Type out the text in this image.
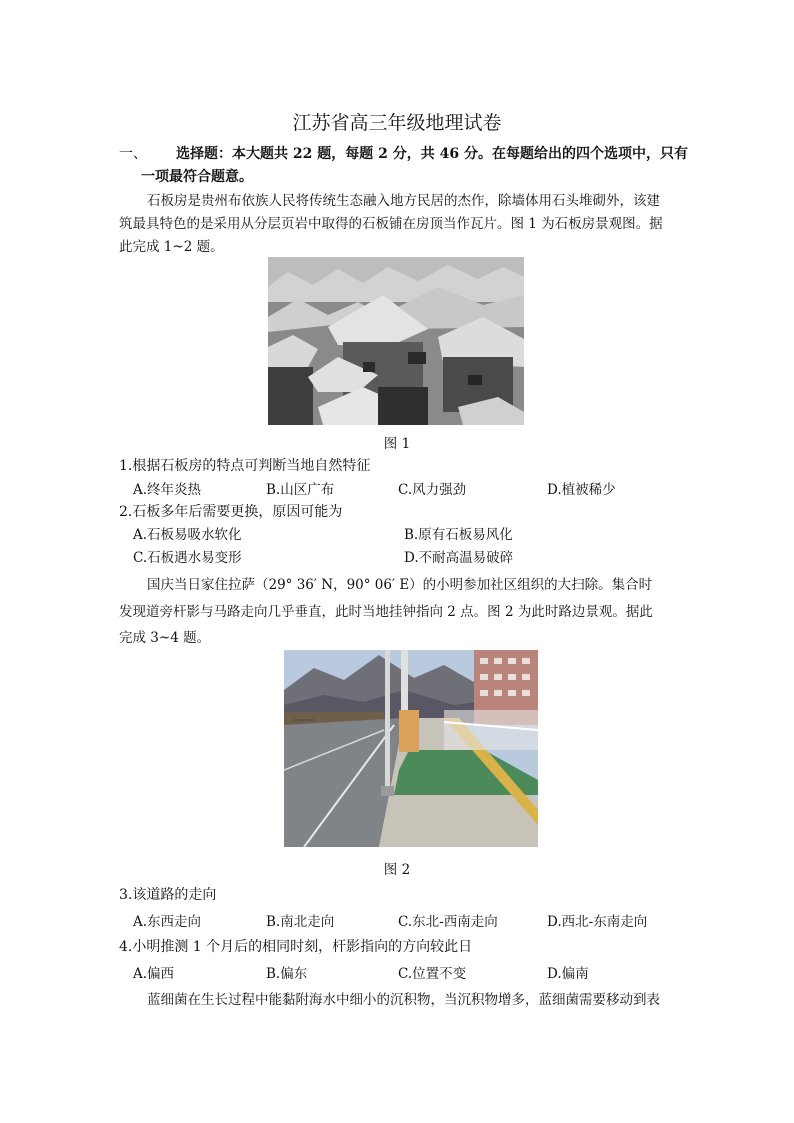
江苏省高三年级地理试卷
一、 选择题：本大题共 22 题，每题 2 分，共 46 分。在每题给出的四个选项中，只有
一项最符合题意。
石板房是贵州布依族人民将传统生态融入地方民居的杰作，除墙体用石头堆砌外，该建
筑最具特色的是采用从分层页岩中取得的石板铺在房顶当作瓦片。图 1 为石板房景观图。据
此完成 1~2 题。
图 1
1.根据石板房的特点可判断当地自然特征
A.终年炎热	B.山区广布	C.风力强劲	D.植被稀少
2.石板多年后需要更换，原因可能为
A.石板易吸水软化	B.原有石板易风化
C.石板遇水易变形	D.不耐高温易破碎
国庆当日家住拉萨（29° 36′ N，90° 06′ E）的小明参加社区组织的大扫除。集合时
发现道旁杆影与马路走向几乎垂直，此时当地挂钟指向 2 点。图 2 为此时路边景观。据此
完成 3~4 题。
图 2
3.该道路的走向
A.东西走向	B.南北走向	C.东北-西南走向	D.西北-东南走向
4.小明推测 1 个月后的相同时刻，杆影指向的方向较此日
A.偏西	B.偏东	C.位置不变	D.偏南
蓝细菌在生长过程中能黏附海水中细小的沉积物，当沉积物增多，蓝细菌需要移动到表
